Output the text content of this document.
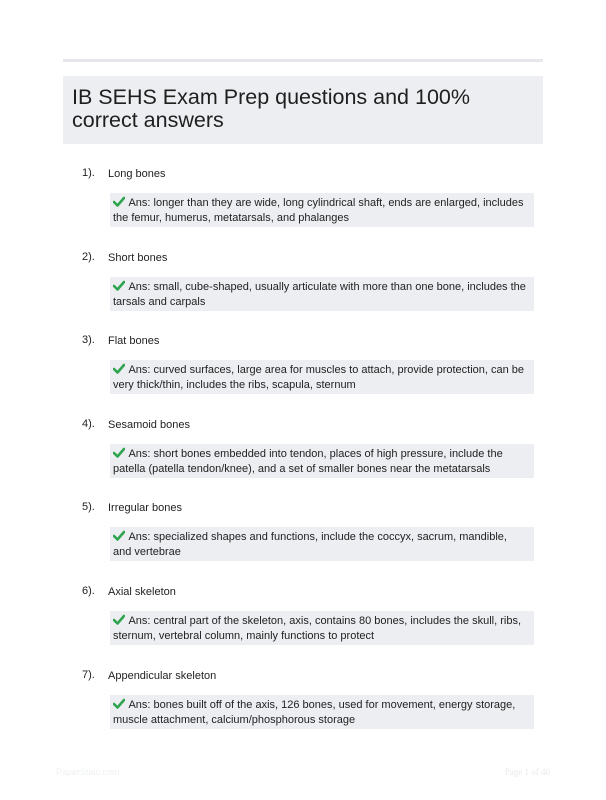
IB SEHS Exam Prep questions and 100% correct answers
1). Long bones
Ans: longer than they are wide, long cylindrical shaft, ends are enlarged, includes the femur, humerus, metatarsals, and phalanges
2). Short bones
Ans: small, cube-shaped, usually articulate with more than one bone, includes the tarsals and carpals
3). Flat bones
Ans: curved surfaces, large area for muscles to attach, provide protection, can be very thick/thin, includes the ribs, scapula, sternum
4). Sesamoid bones
Ans: short bones embedded into tendon, places of high pressure, include the patella (patella tendon/knee), and a set of smaller bones near the metatarsals
5). Irregular bones
Ans: specialized shapes and functions, include the coccyx, sacrum, mandible, and vertebrae
6). Axial skeleton
Ans: central part of the skeleton, axis, contains 80 bones, includes the skull, ribs, sternum, vertebral column, mainly functions to protect
7). Appendicular skeleton
Ans: bones built off of the axis, 126 bones, used for movement, energy storage, muscle attachment, calcium/phosphorous storage
PaperStaic.com	Page 1 of 40
